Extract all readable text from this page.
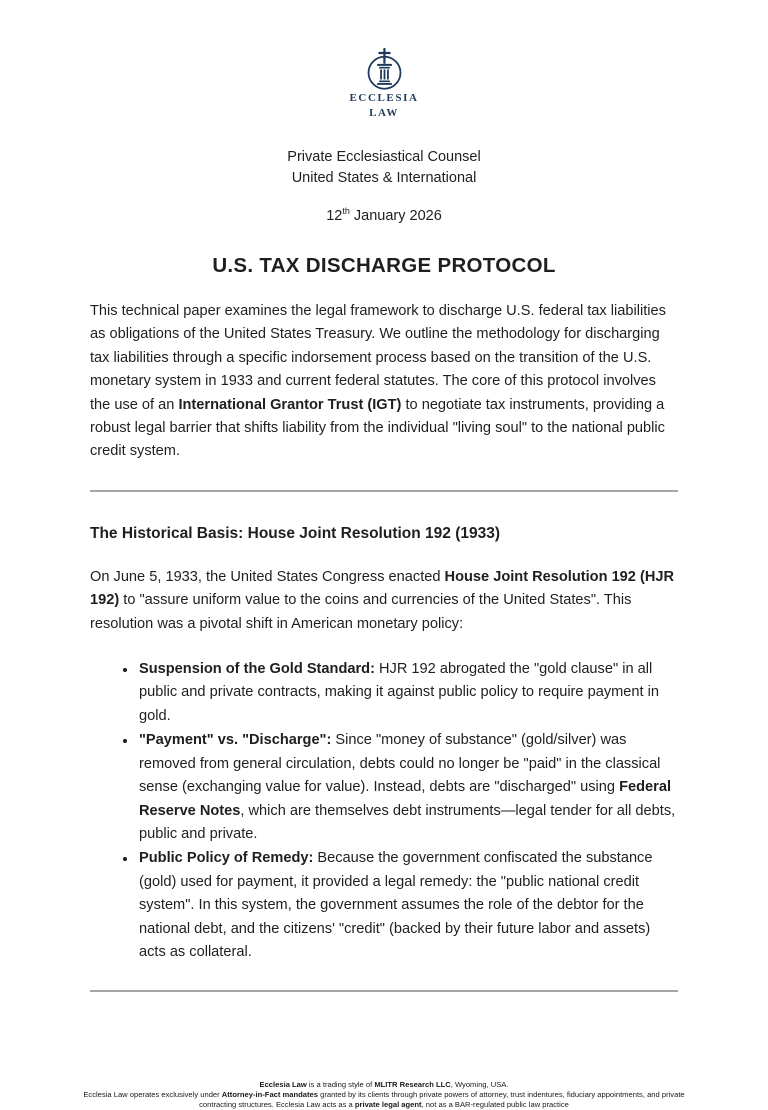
ECCLESIA
LAW
Private Ecclesiastical Counsel
United States & International
12th January 2026
U.S. TAX DISCHARGE PROTOCOL

This technical paper examines the legal framework to discharge U.S. federal tax liabilities as obligations of the United States Treasury. We outline the methodology for discharging tax liabilities through a specific indorsement process based on the transition of the U.S. monetary system in 1933 and current federal statutes. The core of this protocol involves the use of an International Grantor Trust (IGT) to negotiate tax instruments, providing a robust legal barrier that shifts liability from the individual "living soul" to the national public credit system.

The Historical Basis: House Joint Resolution 192 (1933)

On June 5, 1933, the United States Congress enacted House Joint Resolution 192 (HJR 192) to "assure uniform value to the coins and currencies of the United States". This resolution was a pivotal shift in American monetary policy:

• Suspension of the Gold Standard: HJR 192 abrogated the "gold clause" in all public and private contracts, making it against public policy to require payment in gold.
• "Payment" vs. "Discharge": Since "money of substance" (gold/silver) was removed from general circulation, debts could no longer be "paid" in the classical sense (exchanging value for value). Instead, debts are "discharged" using Federal Reserve Notes, which are themselves debt instruments—legal tender for all debts, public and private.
• Public Policy of Remedy: Because the government confiscated the substance (gold) used for payment, it provided a legal remedy: the "public national credit system". In this system, the government assumes the role of the debtor for the national debt, and the citizens' "credit" (backed by their future labor and assets) acts as collateral.
Ecclesia Law is a trading style of MLITR Research LLC, Wyoming, USA.
Ecclesia Law operates exclusively under Attorney-in-Fact mandates granted by its clients through private powers of attorney, trust indentures, fiduciary appointments, and private contracting structures. Ecclesia Law acts as a private legal agent, not as a BAR-regulated public law practice
